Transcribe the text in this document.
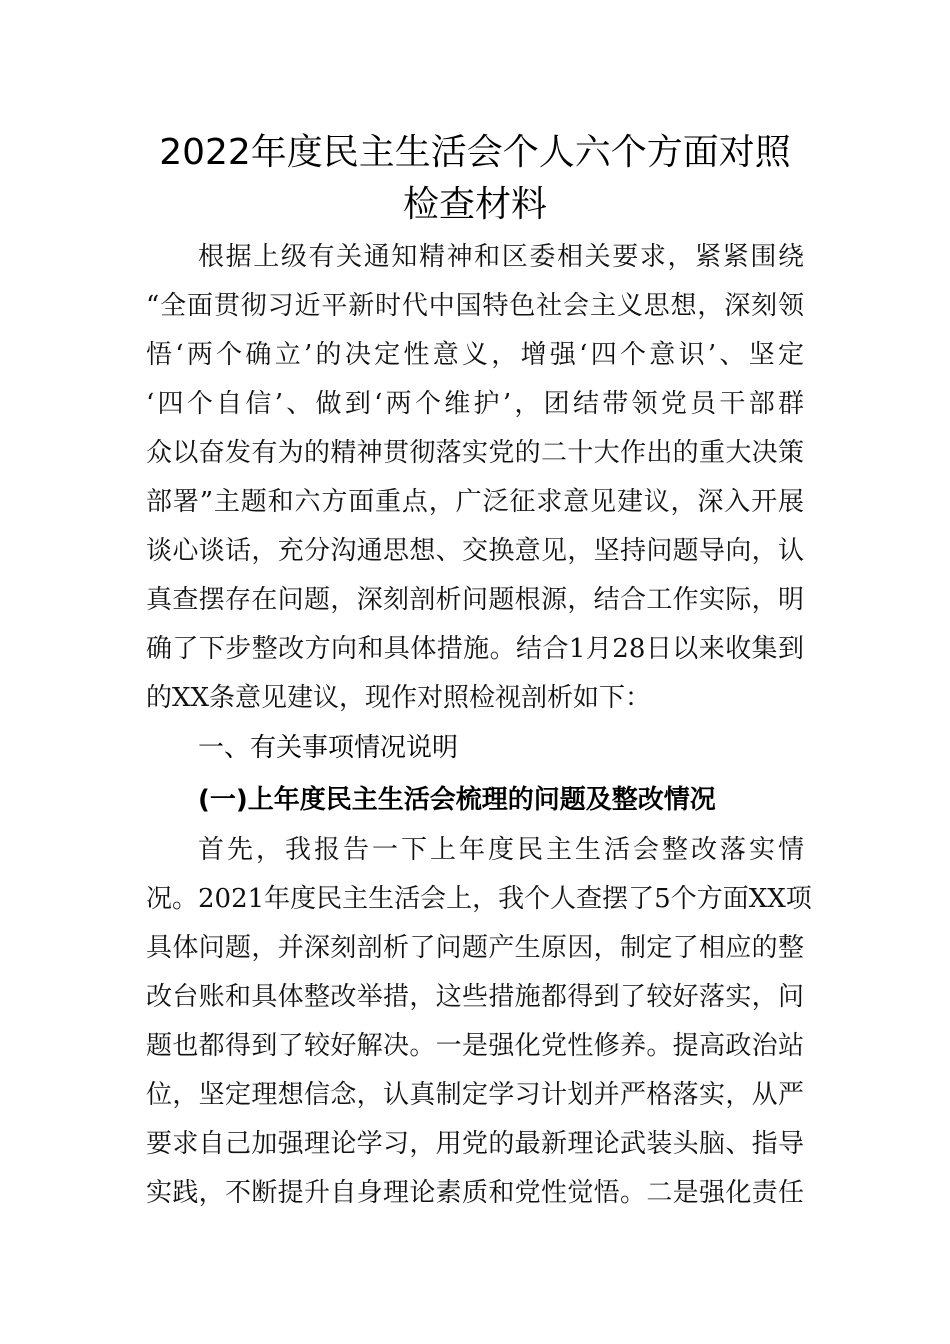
2022年度民主生活会个人六个方面对照
检查材料
根据上级有关通知精神和区委相关要求，紧紧围绕
“全面贯彻习近平新时代中国特色社会主义思想，深刻领
悟‘两个确立’的决定性意义，增强‘四个意识’、坚定
‘四个自信’、做到‘两个维护’，团结带领党员干部群
众以奋发有为的精神贯彻落实党的二十大作出的重大决策
部署”主题和六方面重点，广泛征求意见建议，深入开展
谈心谈话，充分沟通思想、交换意见，坚持问题导向，认
真查摆存在问题，深刻剖析问题根源，结合工作实际，明
确了下步整改方向和具体措施。结合1月28日以来收集到
的XX条意见建议，现作对照检视剖析如下：
一、有关事项情况说明
(一)上年度民主生活会梳理的问题及整改情况
首先，我报告一下上年度民主生活会整改落实情
况。2021年度民主生活会上，我个人查摆了5个方面XX项
具体问题，并深刻剖析了问题产生原因，制定了相应的整
改台账和具体整改举措，这些措施都得到了较好落实，问
题也都得到了较好解决。一是强化党性修养。提高政治站
位，坚定理想信念，认真制定学习计划并严格落实，从严
要求自己加强理论学习，用党的最新理论武装头脑、指导
实践，不断提升自身理论素质和党性觉悟。二是强化责任
